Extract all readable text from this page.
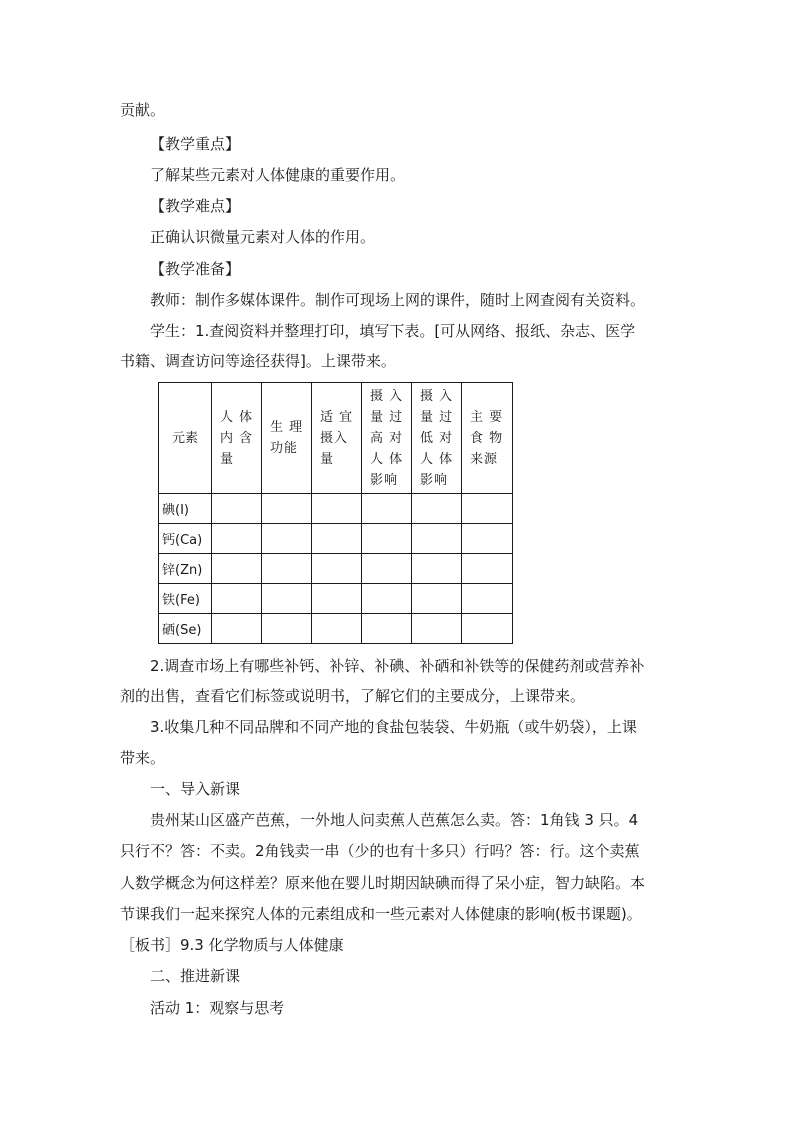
贡献。
【教学重点】
了解某些元素对人体健康的重要作用。
【教学难点】
正确认识微量元素对人体的作用。
【教学准备】
教师：制作多媒体课件。制作可现场上网的课件，随时上网查阅有关资料。
学生：1.查阅资料并整理打印，填写下表。[可从网络、报纸、杂志、医学
书籍、调查访问等途径获得]。上课带来。
元素	人 体
内 含
量	生 理
功能	适 宜
摄入
量	摄 入
量 过
高 对
人 体
影响	摄 入
量 过
低 对
人 体
影响	主 要
食 物
来源

碘(Ⅰ)						
钙(Ca)						
锌(Zn)						
铁(Fe)						
硒(Se)						
2.调查市场上有哪些补钙、补锌、补碘、补硒和补铁等的保健药剂或营养补
剂的出售，查看它们标签或说明书，了解它们的主要成分，上课带来。
3.收集几种不同品牌和不同产地的食盐包装袋、牛奶瓶（或牛奶袋），上课
带来。
一、导入新课
贵州某山区盛产芭蕉，一外地人问卖蕉人芭蕉怎么卖。答：1角钱 3 只。4
只行不？答：不卖。2角钱卖一串（少的也有十多只）行吗？答：行。这个卖蕉
人数学概念为何这样差？原来他在婴儿时期因缺碘而得了呆小症，智力缺陷。本
节课我们一起来探究人体的元素组成和一些元素对人体健康的影响(板书课题)。
［板书］9.3 化学物质与人体健康
二、推进新课
活动 1：观察与思考
